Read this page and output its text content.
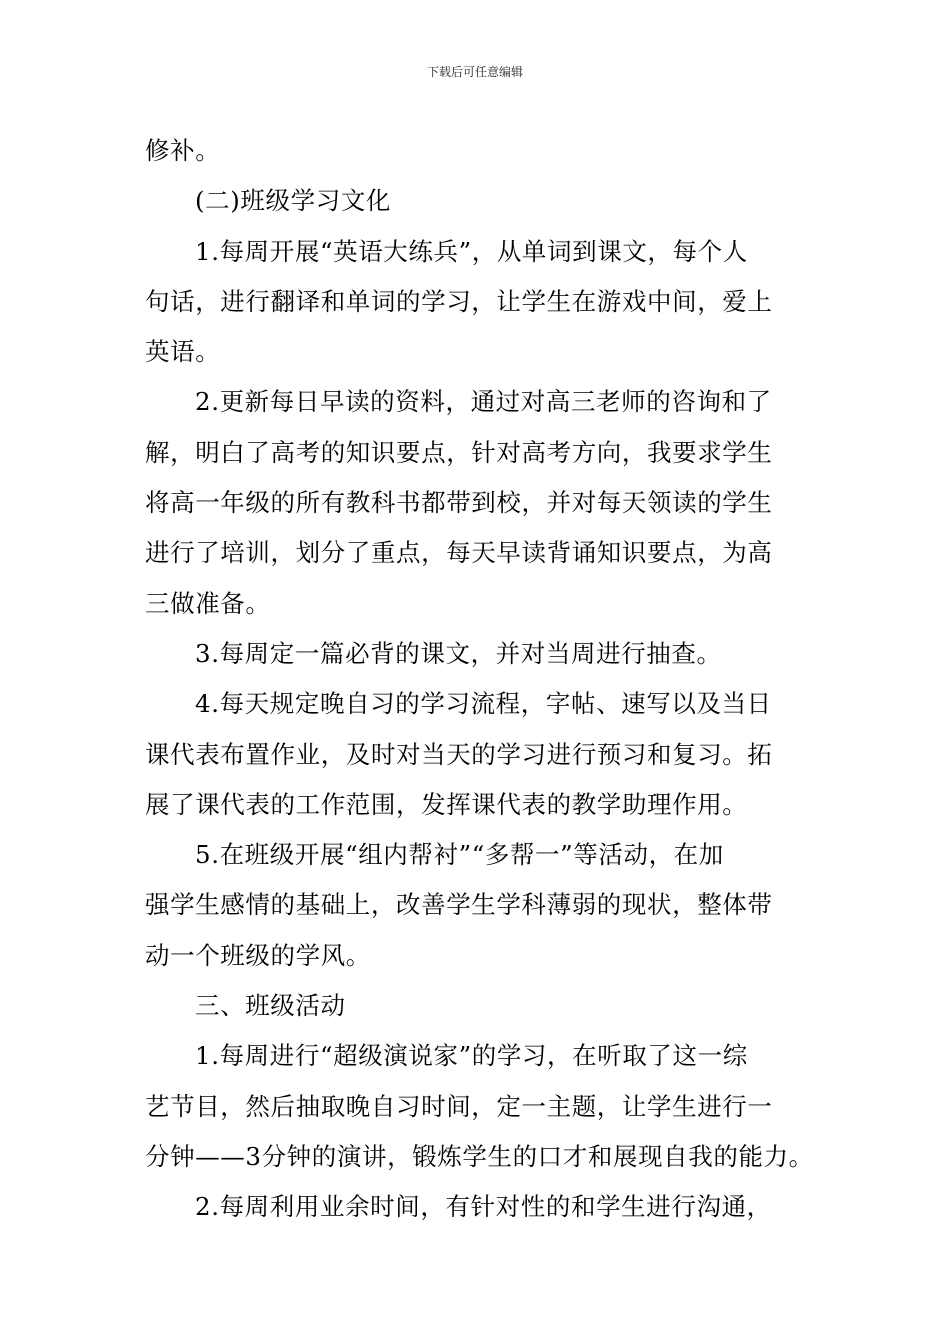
下载后可任意编辑
修补。
(二)班级学习文化
1.每周开展“英语大练兵”，从单词到课文，每个人
句话，进行翻译和单词的学习，让学生在游戏中间，爱上
英语。
2.更新每日早读的资料，通过对高三老师的咨询和了
解，明白了高考的知识要点，针对高考方向，我要求学生
将高一年级的所有教科书都带到校，并对每天领读的学生
进行了培训，划分了重点，每天早读背诵知识要点，为高
三做准备。
3.每周定一篇必背的课文，并对当周进行抽查。
4.每天规定晚自习的学习流程，字帖、速写以及当日
课代表布置作业，及时对当天的学习进行预习和复习。拓
展了课代表的工作范围，发挥课代表的教学助理作用。
5.在班级开展“组内帮衬”“多帮一”等活动，在加
强学生感情的基础上，改善学生学科薄弱的现状，整体带
动一个班级的学风。
三、班级活动
1.每周进行“超级演说家”的学习，在听取了这一综
艺节目，然后抽取晚自习时间，定一主题，让学生进行一
分钟——3分钟的演讲，锻炼学生的口才和展现自我的能力。
2.每周利用业余时间，有针对性的和学生进行沟通，
